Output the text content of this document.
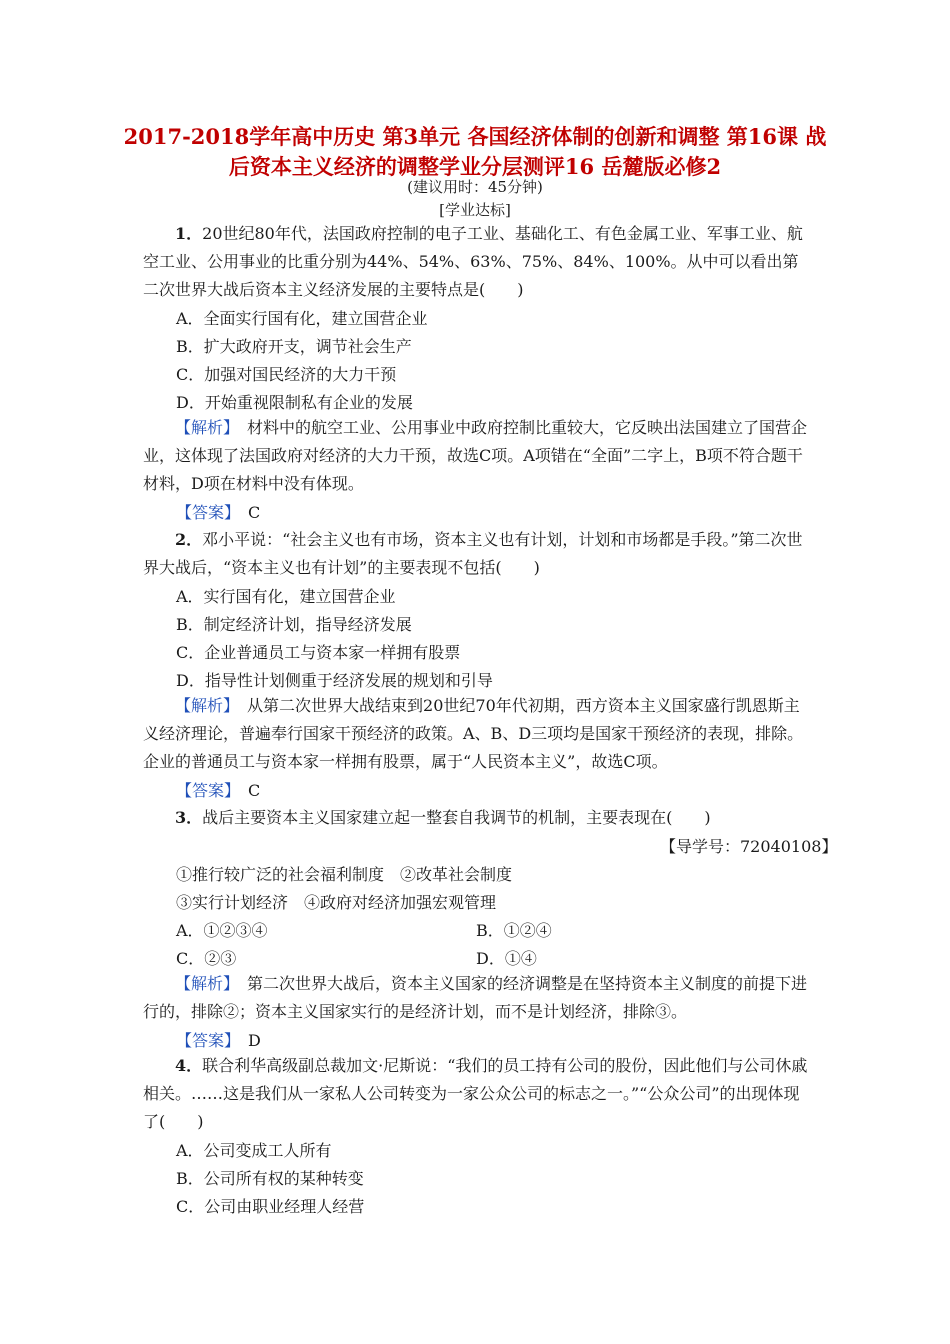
2017-2018学年高中历史 第3单元 各国经济体制的创新和调整 第16课 战后资本主义经济的调整学业分层测评16 岳麓版必修2
(建议用时：45分钟)
[学业达标]
1．20世纪80年代，法国政府控制的电子工业、基础化工、有色金属工业、军事工业、航空工业、公用事业的比重分别为44%、54%、63%、75%、84%、100%。从中可以看出第二次世界大战后资本主义经济发展的主要特点是(　　)
A．全面实行国有化，建立国营企业
B．扩大政府开支，调节社会生产
C．加强对国民经济的大力干预
D．开始重视限制私有企业的发展
【解析】　 材料中的航空工业、公用事业中政府控制比重较大，它反映出法国建立了国营企业，这体现了法国政府对经济的大力干预，故选C项。A项错在“全面”二字上，B项不符合题干材料，D项在材料中没有体现。
【答案】　 C
2．邓小平说：“社会主义也有市场，资本主义也有计划，计划和市场都是手段。”第二次世界大战后，“资本主义也有计划”的主要表现不包括(　　)
A．实行国有化，建立国营企业
B．制定经济计划，指导经济发展
C．企业普通员工与资本家一样拥有股票
D．指导性计划侧重于经济发展的规划和引导
【解析】　 从第二次世界大战结束到20世纪70年代初期，西方资本主义国家盛行凯恩斯主义经济理论，普遍奉行国家干预经济的政策。A、B、D三项均是国家干预经济的表现，排除。企业的普通员工与资本家一样拥有股票，属于“人民资本主义”，故选C项。
【答案】　 C
3．战后主要资本主义国家建立起一整套自我调节的机制，主要表现在(　　)
【导学号：72040108】
①推行较广泛的社会福利制度　②改革社会制度
③实行计划经济　④政府对经济加强宏观管理
A．①②③④	B．①②④
C．②③	D．①④
【解析】　 第二次世界大战后，资本主义国家的经济调整是在坚持资本主义制度的前提下进行的，排除②；资本主义国家实行的是经济计划，而不是计划经济，排除③。
【答案】　 D
4．联合利华高级副总裁加文·尼斯说：“我们的员工持有公司的股份，因此他们与公司休戚相关。……这是我们从一家私人公司转变为一家公众公司的标志之一。”“公众公司”的出现体现了(　　)
A．公司变成工人所有
B．公司所有权的某种转变
C．公司由职业经理人经营
